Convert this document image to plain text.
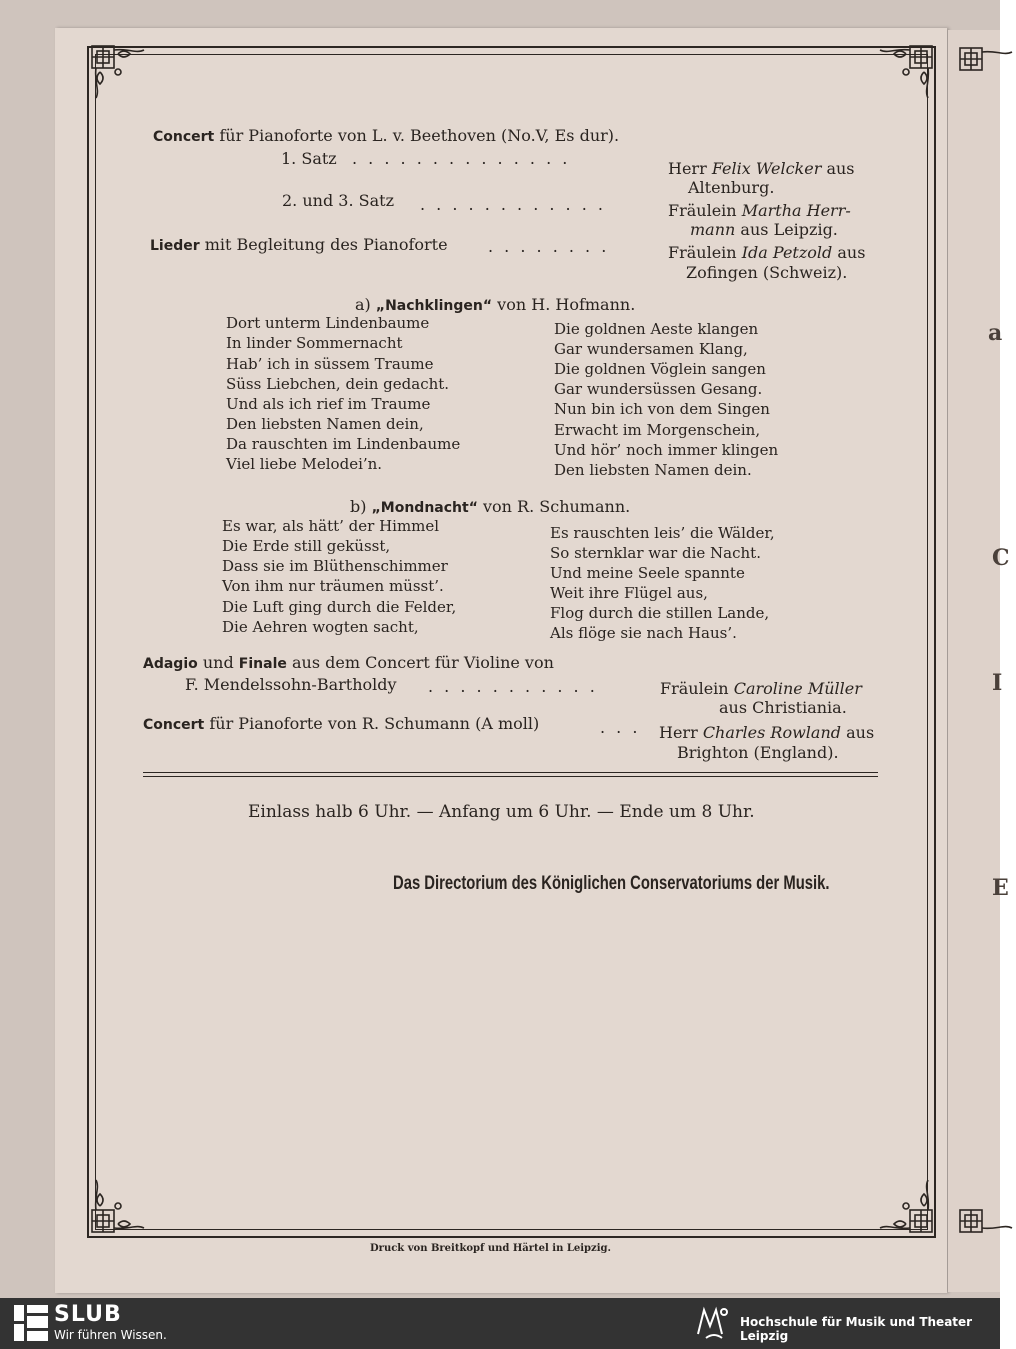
a
C
I
E
Concert für Pianoforte von L. v. Beethoven (No.V, Es dur).
1. Satz . . . . . . . . . . . . . .
Herr Felix Welcker aus
Altenburg.
2. und 3. Satz . . . . . . . . . . . .	Fräulein Martha Herr-
mann aus Leipzig.
Lieder mit Begleitung des Pianoforte	. . . . . . . .	Fräulein Ida Petzold aus
Zofingen (Schweiz).
a) „Nachklingen“ von H. Hofmann.
Dort unterm Lindenbaume
In linder Sommernacht
Hab’ ich in süssem Traume
Süss Liebchen, dein gedacht.
Und als ich rief im Traume
Den liebsten Namen dein,
Da rauschten im Lindenbaume
Viel liebe Melodei’n.
Die goldnen Aeste klangen
Gar wundersamen Klang,
Die goldnen Vöglein sangen
Gar wundersüssen Gesang.
Nun bin ich von dem Singen
Erwacht im Morgenschein,
Und hör’ noch immer klingen
Den liebsten Namen dein.
b) „Mondnacht“ von R. Schumann.
Es war, als hätt’ der Himmel
Die Erde still geküsst,
Dass sie im Blüthenschimmer
Von ihm nur träumen müsst’.
Die Luft ging durch die Felder,
Die Aehren wogten sacht,
Es rauschten leis’ die Wälder,
So sternklar war die Nacht.
Und meine Seele spannte
Weit ihre Flügel aus,
Flog durch die stillen Lande,
Als flöge sie nach Haus’.
Adagio und Finale aus dem Concert für Violine von
F. Mendelssohn-Bartholdy . . . . . . . . . . .	Fräulein Caroline Müller
aus Christiania.
Concert für Pianoforte von R. Schumann (A moll)	. . . Herr Charles Rowland aus
Brighton (England).
Einlass halb 6 Uhr. — Anfang um 6 Uhr. — Ende um 8 Uhr.
Das Directorium des Königlichen Conservatoriums der Musik.
Druck von Breitkopf und Härtel in Leipzig.
SLUB
Wir führen Wissen.
Hochschule für Musik und Theater Leipzig
